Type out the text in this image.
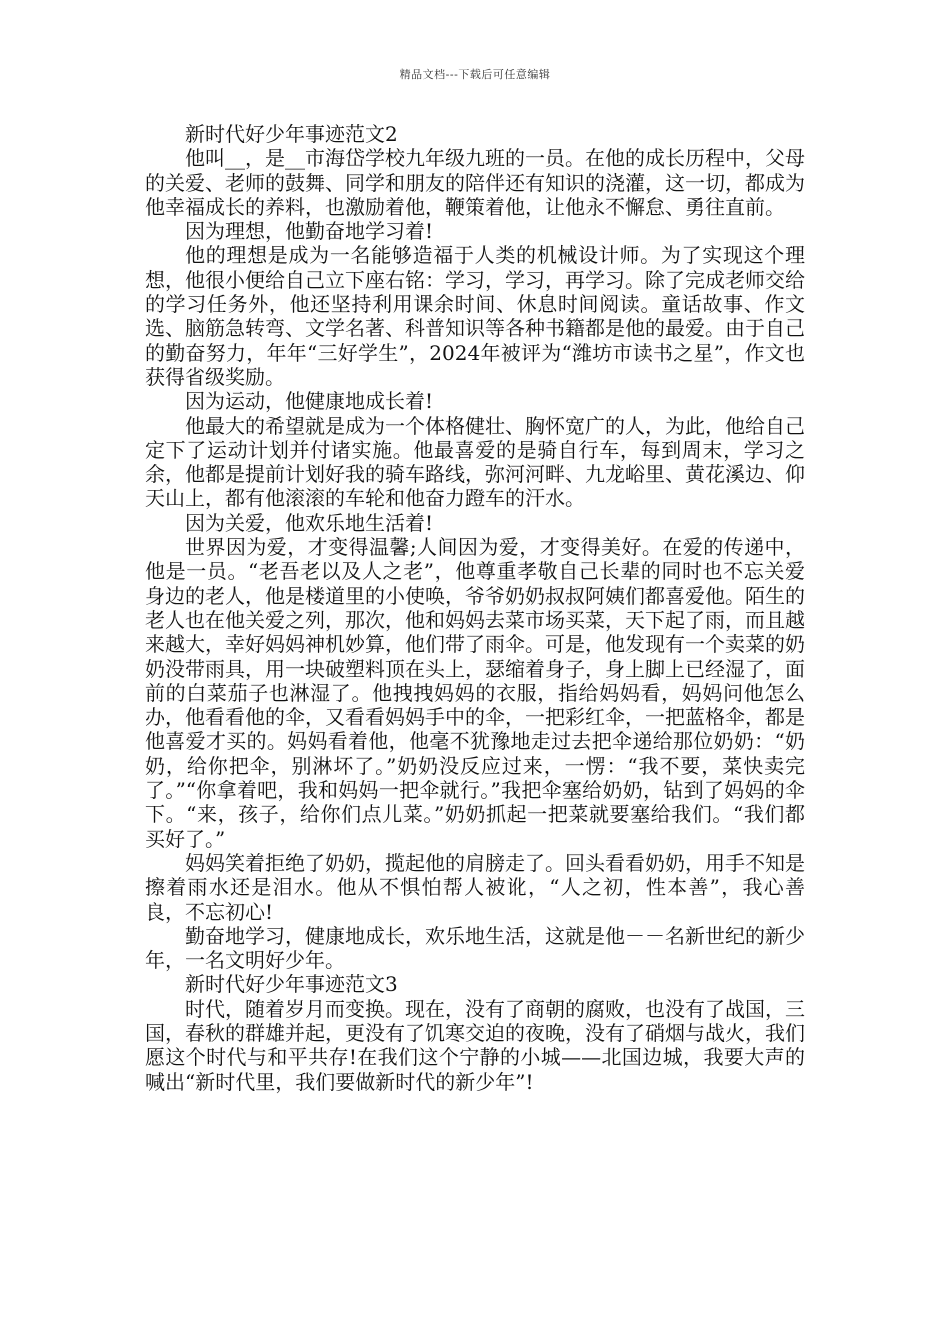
精品文档---下载后可任意编辑

新时代好少年事迹范文2

他叫__，是__市海岱学校九年级九班的一员。在他的成长历程中，父母的关爱、老师的鼓舞、同学和朋友的陪伴还有知识的浇灌，这一切，都成为他幸福成长的养料，也激励着他，鞭策着他，让他永不懈怠、勇往直前。

因为理想，他勤奋地学习着!

他的理想是成为一名能够造福于人类的机械设计师。为了实现这个理想，他很小便给自己立下座右铭：学习，学习，再学习。除了完成老师交给的学习任务外，他还坚持利用课余时间、休息时间阅读。童话故事、作文选、脑筋急转弯、文学名著、科普知识等各种书籍都是他的最爱。由于自己的勤奋努力，年年“三好学生”，2024年被评为“潍坊市读书之星”，作文也获得省级奖励。

因为运动，他健康地成长着!

他最大的希望就是成为一个体格健壮、胸怀宽广的人，为此，他给自己定下了运动计划并付诸实施。他最喜爱的是骑自行车，每到周末，学习之余，他都是提前计划好我的骑车路线，弥河河畔、九龙峪里、黄花溪边、仰天山上，都有他滚滚的车轮和他奋力蹬车的汗水。

因为关爱，他欢乐地生活着!

世界因为爱，才变得温馨;人间因为爱，才变得美好。在爱的传递中，他是一员。“老吾老以及人之老”，他尊重孝敬自己长辈的同时也不忘关爱身边的老人，他是楼道里的小使唤，爷爷奶奶叔叔阿姨们都喜爱他。陌生的老人也在他关爱之列，那次，他和妈妈去菜市场买菜，天下起了雨，而且越来越大，幸好妈妈神机妙算，他们带了雨伞。可是，他发现有一个卖菜的奶奶没带雨具，用一块破塑料顶在头上，瑟缩着身子，身上脚上已经湿了，面前的白菜茄子也淋湿了。他拽拽妈妈的衣服，指给妈妈看，妈妈问他怎么办，他看看他的伞，又看看妈妈手中的伞，一把彩红伞，一把蓝格伞，都是他喜爱才买的。妈妈看着他，他毫不犹豫地走过去把伞递给那位奶奶：“奶奶，给你把伞，别淋坏了。”奶奶没反应过来，一愣：“我不要，菜快卖完了。”“你拿着吧，我和妈妈一把伞就行。”我把伞塞给奶奶，钻到了妈妈的伞下。“来，孩子，给你们点儿菜。”奶奶抓起一把菜就要塞给我们。“我们都买好了。”

妈妈笑着拒绝了奶奶，揽起他的肩膀走了。回头看看奶奶，用手不知是擦着雨水还是泪水。他从不惧怕帮人被讹，“人之初，性本善”，我心善良，不忘初心!

勤奋地学习，健康地成长，欢乐地生活，这就是他－－名新世纪的新少年，一名文明好少年。

新时代好少年事迹范文3

时代，随着岁月而变换。现在，没有了商朝的腐败，也没有了战国，三国，春秋的群雄并起，更没有了饥寒交迫的夜晚，没有了硝烟与战火，我们愿这个时代与和平共存!在我们这个宁静的小城——北国边城，我要大声的喊出“新时代里，我们要做新时代的新少年”!
